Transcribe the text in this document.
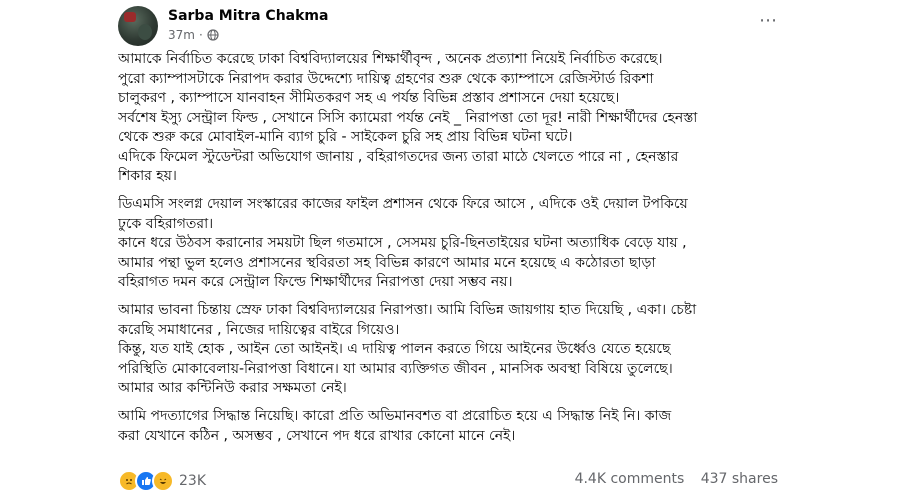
Sarba Mitra Chakma
37m ·
⋯
আমাকে নির্বাচিত করেছে ঢাকা বিশ্ববিদ্যালয়ের শিক্ষার্থীবৃন্দ , অনেক প্রত্যাশা নিয়েই নির্বাচিত করেছে।
পুরো ক্যাম্পাসটাকে নিরাপদ করার উদ্দেশ্যে দায়িত্ব গ্রহণের শুরু থেকে ক্যাম্পাসে রেজিস্টার্ড রিকশা
চালুকরণ , ক্যাম্পাসে যানবাহন সীমিতকরণ সহ এ পর্যন্ত বিভিন্ন প্রস্তাব প্রশাসনে দেয়া হয়েছে।
সর্বশেষ ইস্যু সেন্ট্রাল ফিল্ড , সেখানে সিসি ক্যামেরা পর্যন্ত নেই _ নিরাপত্তা তো দূর! নারী শিক্ষার্থীদের হেনস্তা
থেকে শুরু করে মোবাইল-মানি ব্যাগ চুরি - সাইকেল চুরি সহ প্রায় বিভিন্ন ঘটনা ঘটে।
এদিকে ফিমেল স্টুডেন্টরা অভিযোগ জানায় , বহিরাগতদের জন্য তারা মাঠে খেলতে পারে না , হেনস্তার
শিকার হয়।
ডিএমসি সংলগ্ন দেয়াল সংস্কারের কাজের ফাইল প্রশাসন থেকে ফিরে আসে , এদিকে ওই দেয়াল টপকিয়ে
ঢুকে বহিরাগতরা।
কানে ধরে উঠবস করানোর সময়টা ছিল গতমাসে , সেসময় চুরি-ছিনতাইয়ের ঘটনা অত্যাধিক বেড়ে যায় ,
আমার পন্থা ভুল হলেও প্রশাসনের স্থবিরতা সহ বিভিন্ন কারণে আমার মনে হয়েছে এ কঠোরতা ছাড়া
বহিরাগত দমন করে সেন্ট্রাল ফিল্ডে শিক্ষার্থীদের নিরাপত্তা দেয়া সম্ভব নয়।
আমার ভাবনা চিন্তায় স্রেফ ঢাকা বিশ্ববিদ্যালয়ের নিরাপত্তা। আমি বিভিন্ন জায়গায় হাত দিয়েছি , একা। চেষ্টা
করেছি সমাধানের , নিজের দায়িত্বের বাইরে গিয়েও।
কিন্তু, যত যাই হোক , আইন তো আইনই। এ দায়িত্ব পালন করতে গিয়ে আইনের উর্ধ্বেও যেতে হয়েছে
পরিস্থিতি মোকাবেলায়-নিরাপত্তা বিধানে। যা আমার ব্যক্তিগত জীবন , মানসিক অবস্থা বিষিয়ে তুলেছে।
আমার আর কন্টিনিউ করার সক্ষমতা নেই।
আমি পদত্যাগের সিদ্ধান্ত নিয়েছি। কারো প্রতি অভিমানবশত বা প্ররোচিত হয়ে এ সিদ্ধান্ত নিই নি। কাজ
করা যেখানে কঠিন , অসম্ভব , সেখানে পদ ধরে রাখার কোনো মানে নেই।
23K	4.4K comments 437 shares
